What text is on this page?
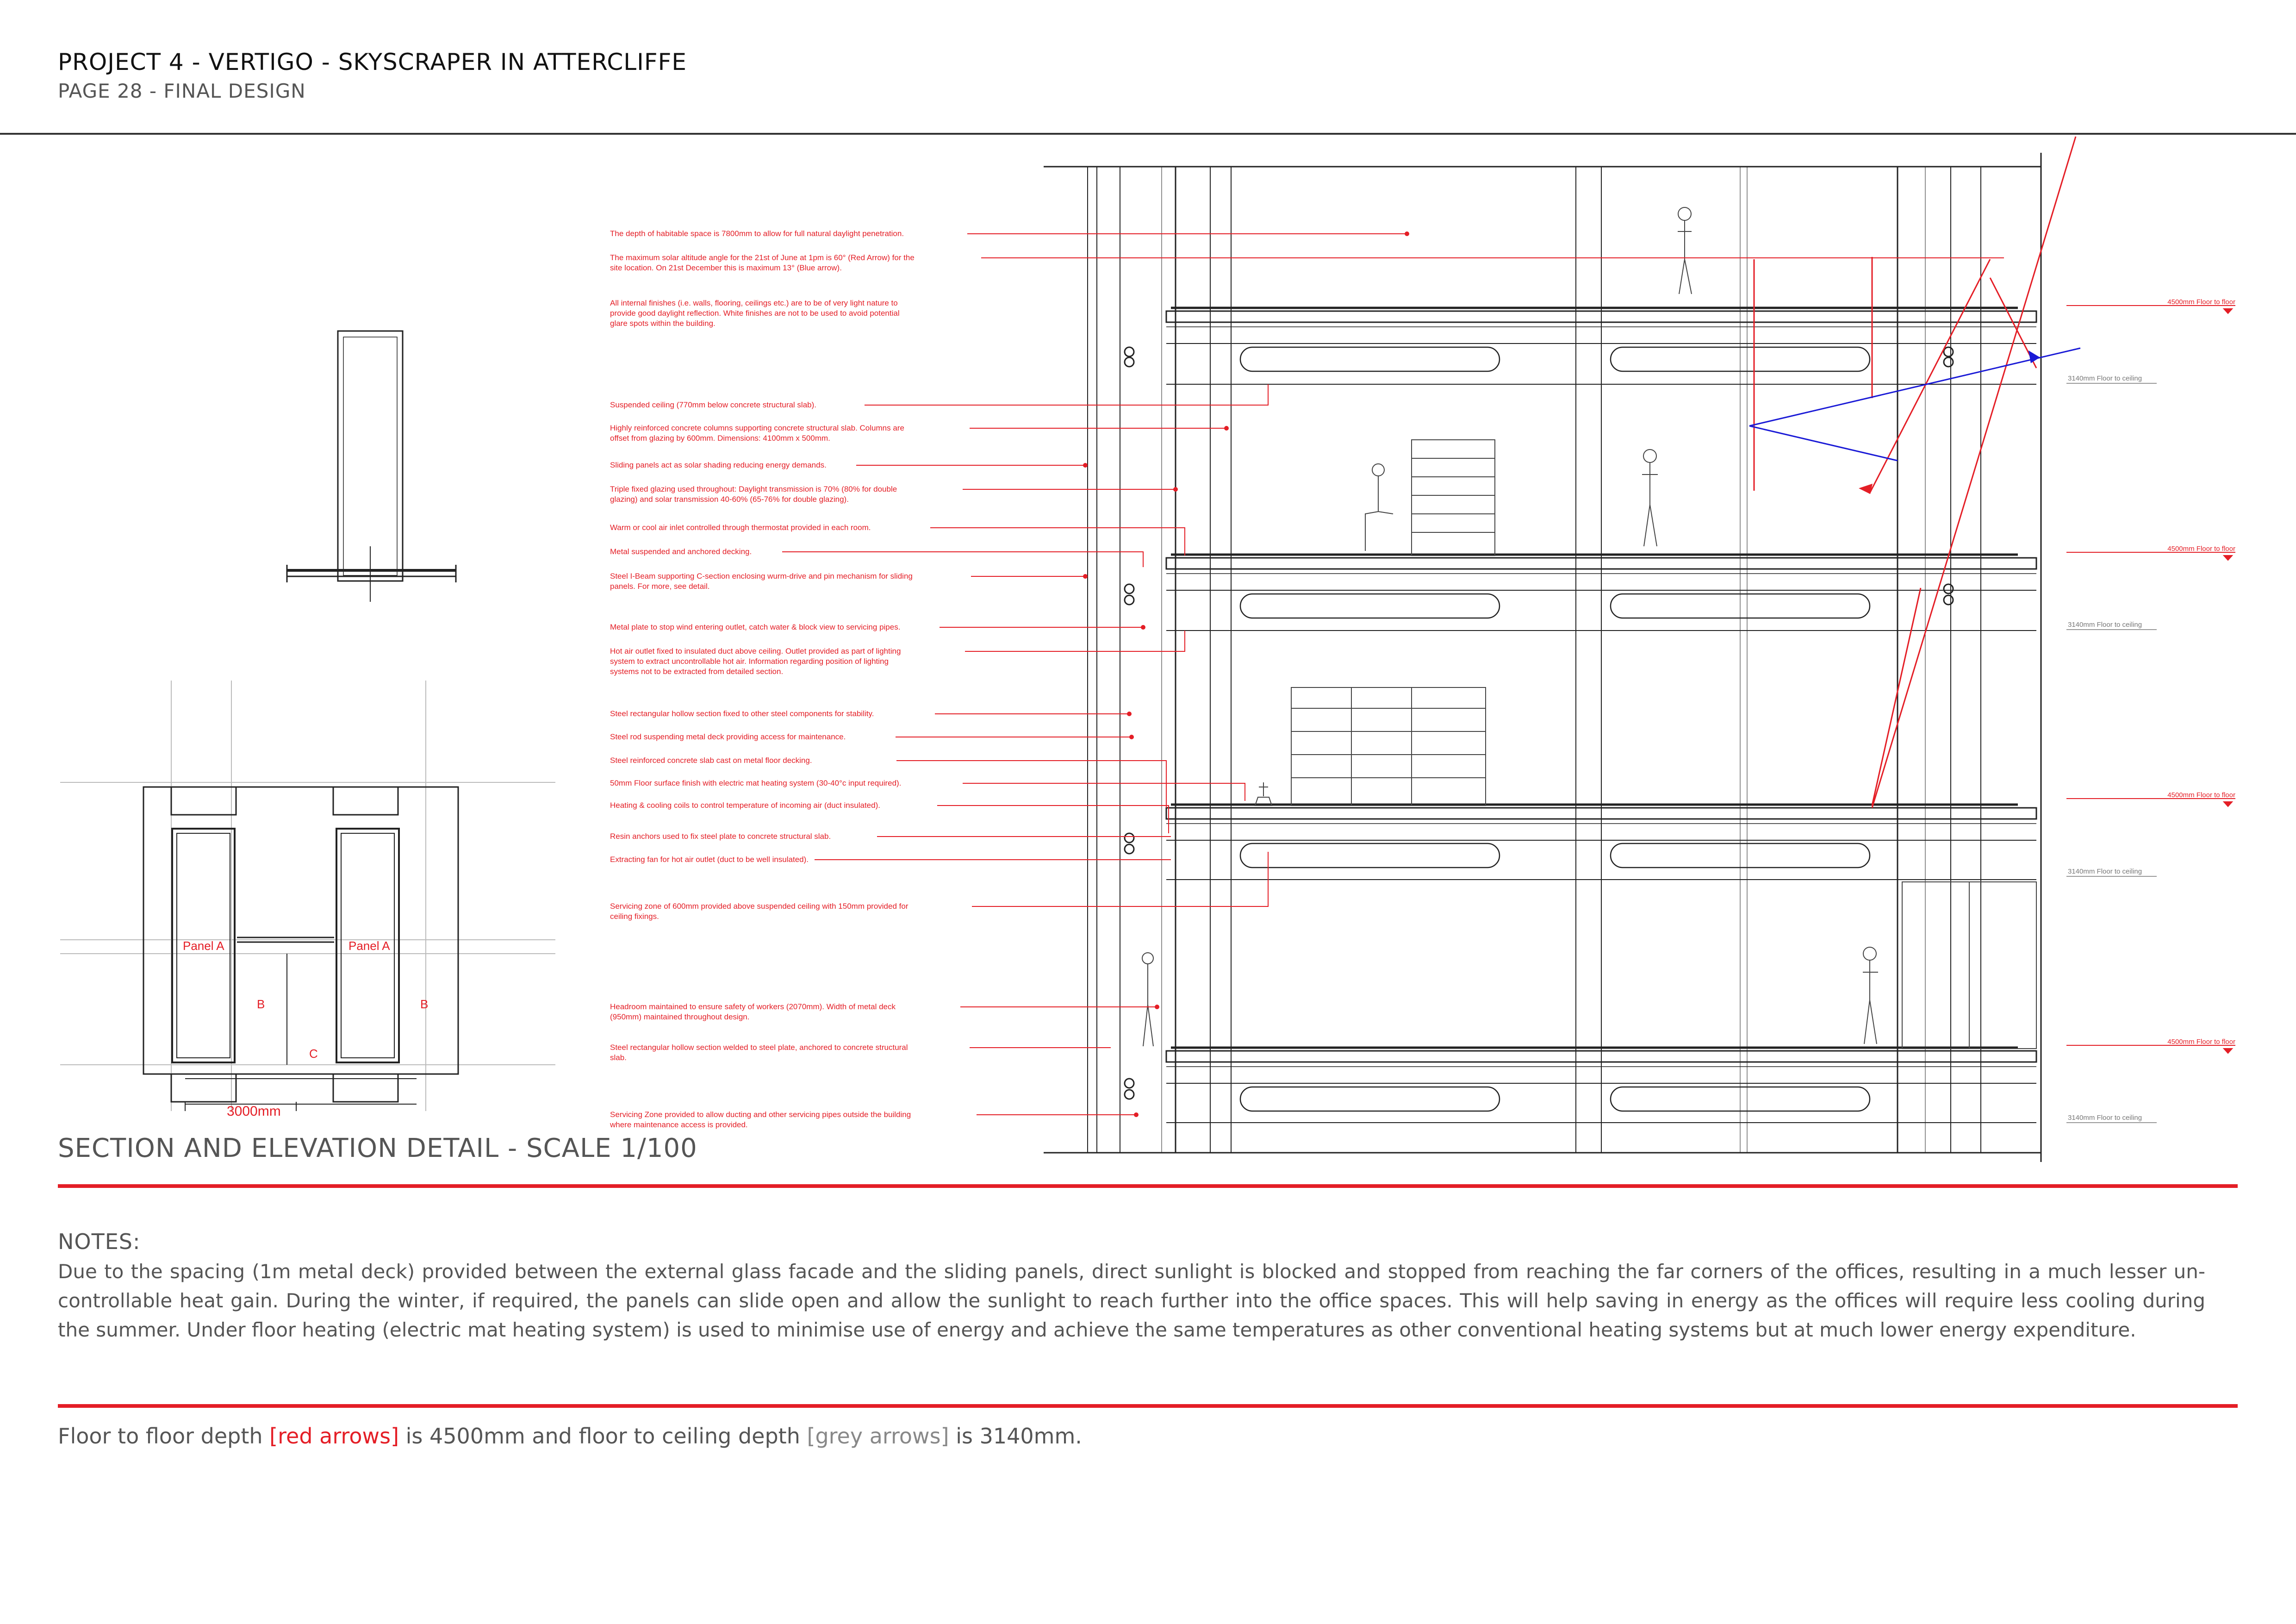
PROJECT 4 - VERTIGO - SKYSCRAPER IN ATTERCLIFFE
PAGE 28 - FINAL DESIGN
Panel A	Panel A
B	B
C
3000mm
4500mm Floor to floor
4500mm Floor to floor
4500mm Floor to floor
4500mm Floor to floor
3140mm Floor to ceiling
3140mm Floor to ceiling
3140mm Floor to ceiling
3140mm Floor to ceiling
The depth of habitable space is 7800mm to allow for full natural daylight penetration.
The maximum solar altitude angle for the 21st of June at 1pm is 60° (Red Arrow) for the
site location. On 21st December this is maximum 13° (Blue arrow).
All internal finishes (i.e. walls, flooring, ceilings etc.) are to be of very light nature to
provide good daylight reflection. White finishes are not to be used to avoid potential
glare spots within the building.
Suspended ceiling (770mm below concrete structural slab).
Highly reinforced concrete columns supporting concrete structural slab. Columns are
offset from glazing by 600mm. Dimensions: 4100mm x 500mm.
Sliding panels act as solar shading reducing energy demands.
Triple fixed glazing used throughout: Daylight transmission is 70% (80% for double
glazing) and solar transmission 40-60% (65-76% for double glazing).
Warm or cool air inlet controlled through thermostat provided in each room.
Metal suspended and anchored decking.
Steel I-Beam supporting C-section enclosing wurm-drive and pin mechanism for sliding
panels. For more, see detail.
Metal plate to stop wind entering outlet, catch water & block view to servicing pipes.
Hot air outlet fixed to insulated duct above ceiling. Outlet provided as part of lighting
system to extract uncontrollable hot air. Information regarding position of lighting
systems not to be extracted from detailed section.
Steel rectangular hollow section fixed to other steel components for stability.
Steel rod suspending metal deck providing access for maintenance.
Steel reinforced concrete slab cast on metal floor decking.
50mm Floor surface finish with electric mat heating system (30-40°c input required).
Heating & cooling coils to control temperature of incoming air (duct insulated).
Resin anchors used to fix steel plate to concrete structural slab.
Extracting fan for hot air outlet (duct to be well insulated).
Servicing zone of 600mm provided above suspended ceiling with 150mm provided for
ceiling fixings.
Headroom maintained to ensure safety of workers (2070mm). Width of metal deck
(950mm) maintained throughout design.
Steel rectangular hollow section welded to steel plate, anchored to concrete structural
slab.
Servicing Zone provided to allow ducting and other servicing pipes outside the building
where maintenance access is provided.
SECTION AND ELEVATION DETAIL - SCALE 1/100
NOTES:
Due to the spacing (1m metal deck) provided between the external glass facade and the sliding panels, direct sunlight is blocked and stopped from reaching the far corners of the offices, resulting in a much lesser un-controllable heat gain. During the winter, if required, the panels can slide open and allow the sunlight to reach further into the office spaces. This will help saving in energy as the offices will require less cooling during the summer. Under floor heating (electric mat heating system) is used to minimise use of energy and achieve the same temperatures as other conventional heating systems but at much lower energy expenditure.
Floor to floor depth [red arrows] is 4500mm and floor to ceiling depth [grey arrows] is 3140mm.
